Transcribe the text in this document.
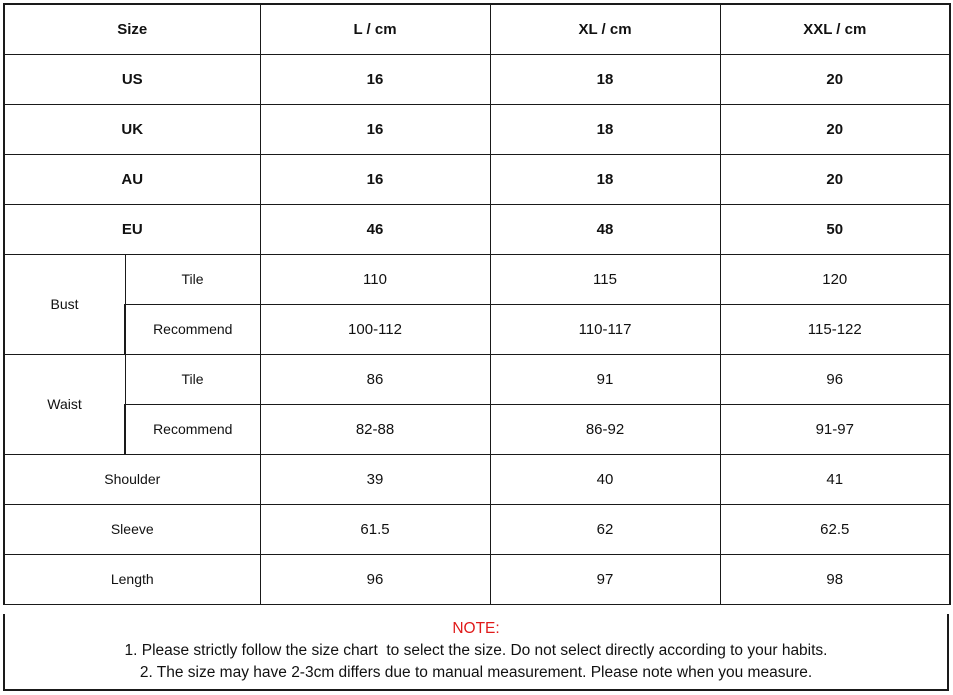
Size		L / cm	XL / cm	XXL / cm
US		16	18	20
UK		16	18	20
AU		16	18	20
EU		46	48	50
Bust	Tile	110	115	120
	Recommend	100-112	110-117	115-122
Waist	Tile	86	91	96
	Recommend	82-88	86-92	91-97
Shoulder		39	40	41
Sleeve		61.5	62	62.5
Length		96	97	98
NOTE:
1. Please strictly follow the size chart  to select the size. Do not select directly according to your habits.
2. The size may have 2-3cm differs due to manual measurement. Please note when you measure.
